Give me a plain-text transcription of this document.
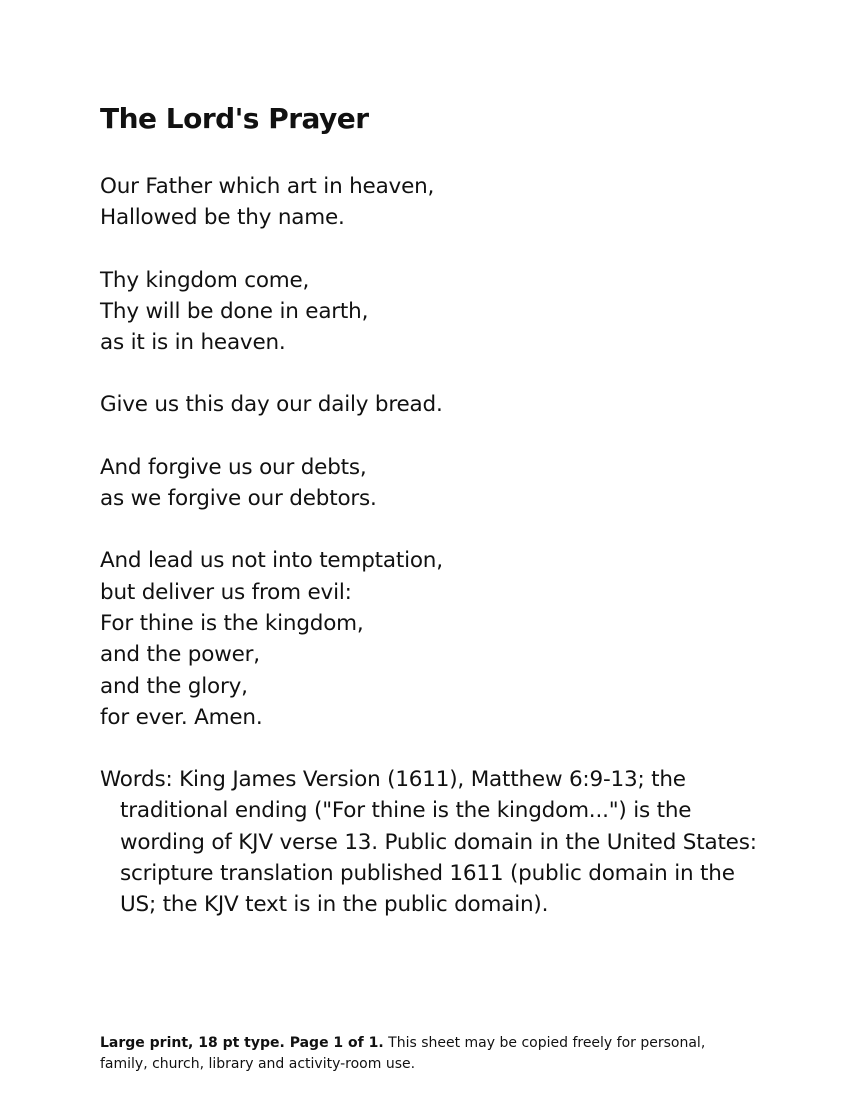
The Lord's Prayer

Our Father which art in heaven,
Hallowed be thy name.

Thy kingdom come,
Thy will be done in earth,
as it is in heaven.

Give us this day our daily bread.

And forgive us our debts,
as we forgive our debtors.

And lead us not into temptation,
but deliver us from evil:
For thine is the kingdom,
and the power,
and the glory,
for ever. Amen.

Words: King James Version (1611), Matthew 6:9-13; the traditional ending ("For thine is the kingdom...") is the wording of KJV verse 13. Public domain in the United States: scripture translation published 1611 (public domain in the US; the KJV text is in the public domain).

Large print, 18 pt type. Page 1 of 1. This sheet may be copied freely for personal, family, church, library and activity-room use.
